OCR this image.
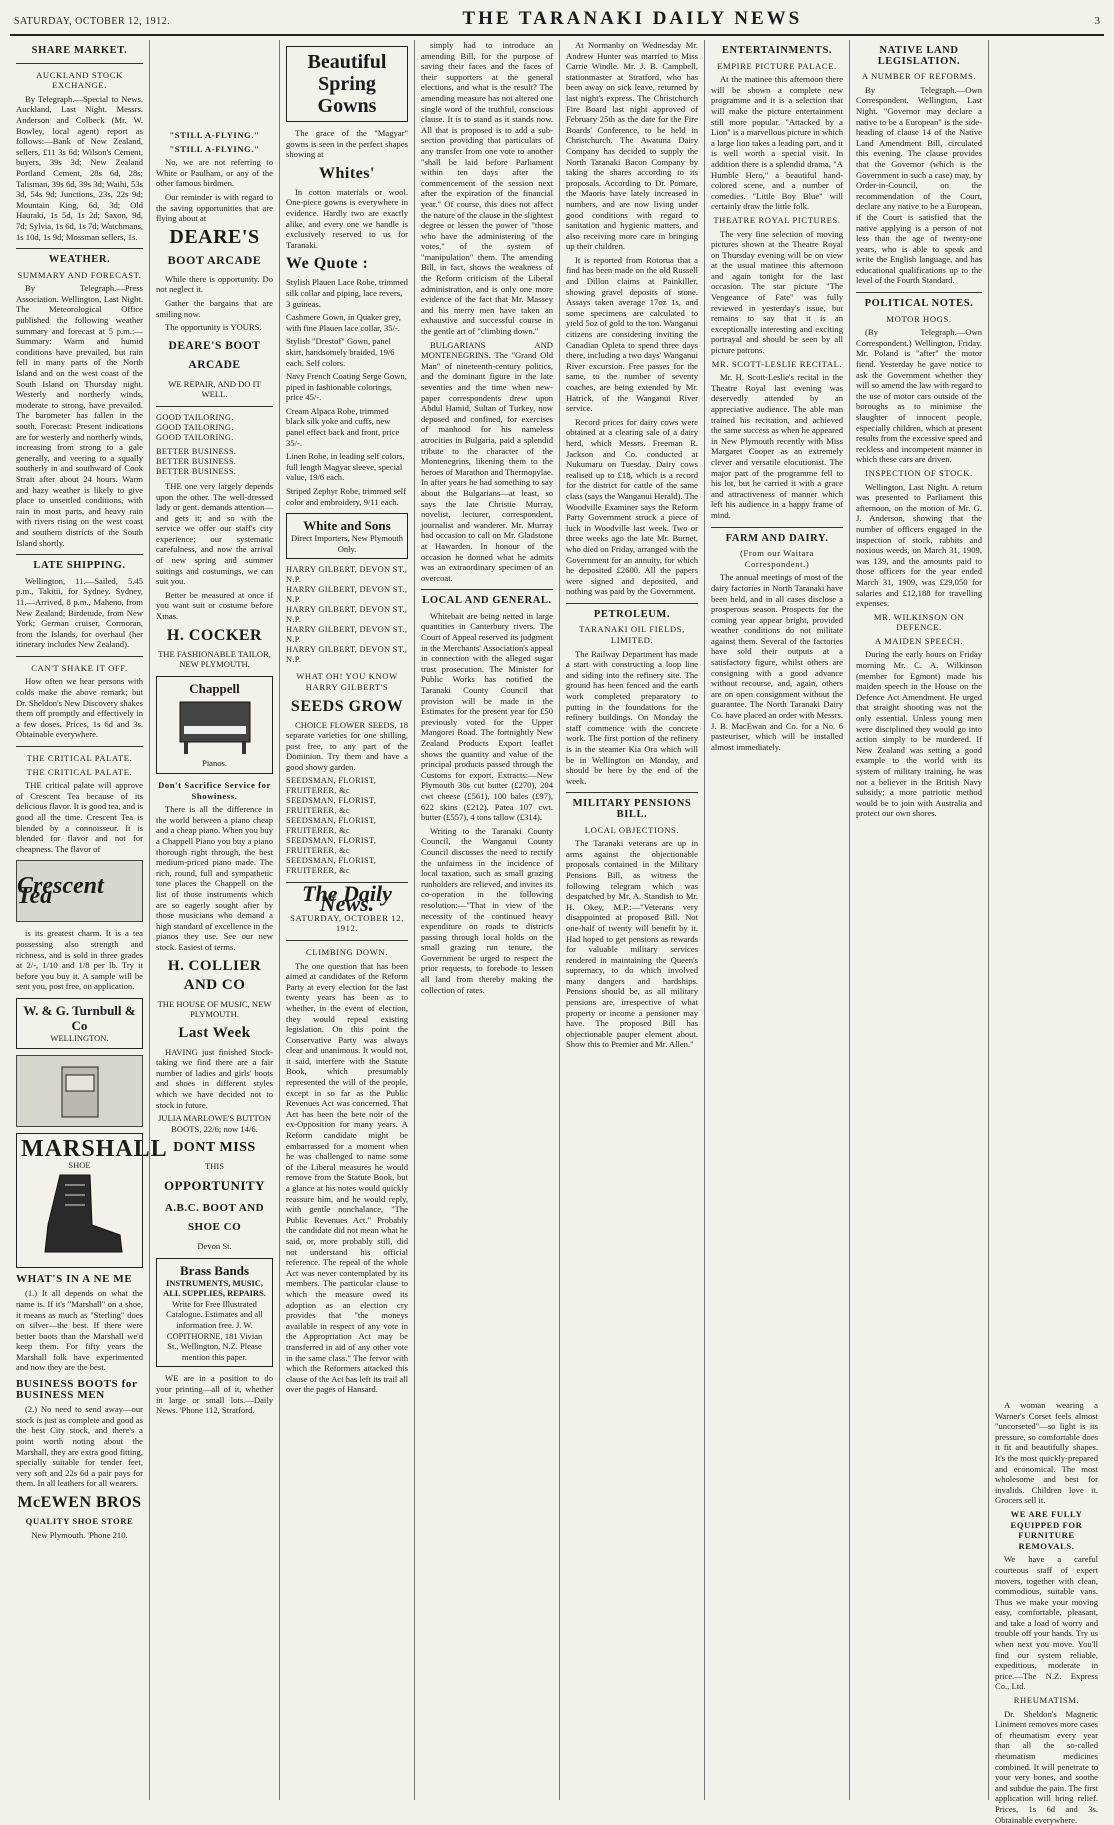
SATURDAY, OCTOBER 12, 1912.	THE TARANAKI DAILY NEWS	3
SHARE MARKET.
AUCKLAND STOCK EXCHANGE.

By Telegraph.—Special to News. Auckland, Last Night. Messrs. Anderson and Colbeck (Mr. W. Bowley, local agent) report as follows:—Bank of New Zealand, sellers, £11 3s 6d; Wilson's Cement, buyers, 39s 3d; New Zealand Portland Cement, 28s 6d, 28s; Talisman, 39s 6d, 39s 3d; Waihi, 53s 3d, 54s 9d; Junctions, 23s, 22s 9d; Mountain King, 6d, 3d; Old Hauraki, 1s 5d, 1s 2d; Saxon, 9d, 7d; Sylvia, 1s 6d, 1s 7d; Watchmans, 1s 10d, 1s 9d; Mossman sellers, 1s.

WEATHER.
SUMMARY AND FORECAST.

By Telegraph.—Press Association. Wellington, Last Night. The Meteorological Office published the following weather summary and forecast at 5 p.m.:—Summary: Warm and humid conditions have prevailed, but rain fell in many parts of the North Island and on the west coast of the South Island on Thursday night. Westerly and northerly winds, moderate to strong, have prevailed. The barometer has fallen in the south. Forecast: Present indications are for westerly and northerly winds, increasing from strong to a gale generally, and veering to a squally southerly in and southward of Cook Strait after about 24 hours. Warm and hazy weather is likely to give place to unsettled conditions, with rain in most parts, and heavy rain with rivers rising on the west coast and southern districts of the South Island shortly.

LATE SHIPPING.

Wellington, 11.—Sailed, 5.45 p.m., Takitii, for Sydney. Sydney, 11.—Arrived, 8 p.m., Maheno, from New Zealand; Birdetude, from New York; German cruiser, Cormoran, from the Islands, for overhaul (her itinerary includes New Zealand).

CAN'T SHAKE IT OFF.

How often we hear persons with colds make the above remark; but Dr. Sheldon's New Discovery shakes them off promptly and effectively in a few doses. Prices, 1s 6d and 3s. Obtainable everywhere.

THE CRITICAL PALATE.
THE CRITICAL PALATE.

THE critical palate will approve of Crescent Tea because of its delicious flavor. It is good tea, and is good all the time. Crescent Tea is blended by a connoisseur. It is blended for flavor and not for cheapness. The flavor of

Crescent Tea

is its greatest charm. It is a tea possessing also strength and richness, and is sold in three grades at 2/-, 1/10 and 1/8 per lb. Try it before you buy it. A sample will be sent you, post free, on application.

W. & G. Turnbull & Co
WELLINGTON.
MARSHALL
SHOE
WHAT'S IN A NE ME

(1.) It all depends on what the name is. If it's "Marshall" on a shoe, it means as much as "Sterling" does on silver—the best. If there were better boots than the Marshall we'd keep them. For fifty years the Marshall folk have experimented and now they are the best.

BUSINESS BOOTS for BUSINESS MEN

(2.) No need to send away—our stock is just as complete and good as the best City stock, and there's a point worth noting about the Marshall, they are extra good fitting, specially suitable for tender feet, very soft and 22s 6d a pair pays for them. In all leathers for all wearers.

McEWEN BROS
QUALITY SHOE STORE

New Plymouth. 'Phone 210.

"STILL A-FLYING."
"STILL A-FLYING."

No, we are not referring to White or Paulham, or any of the other famous birdmen.

Our reminder is with regard to the saving opportunities that are flying about at

DEARE'S
BOOT ARCADE

While there is opportunity. Do not neglect it.

Gather the bargains that are smiling now.

The opportunity is YOURS.

DEARE'S BOOT ARCADE

WE REPAIR, AND DO IT WELL.

GOOD TAILORING.
GOOD TAILORING.
GOOD TAILORING.
BETTER BUSINESS.
BETTER BUSINESS.
BETTER BUSINESS.

THE one very largely depends upon the other. The well-dressed lady or gent. demands attention—and gets it; and so with the service we offer our staff's city experience; our systematic carefulness, and now the arrival of new spring and summer suitings and costumings, we can suit you.

Better be measured at once if you want suit or costume before Xmas.

H. COCKER

THE FASHIONABLE TAILOR, NEW PLYMOUTH.

Chappell
Pianos.
Don't Sacrifice Service for Showiness.

There is all the difference in the world between a piano cheap and a cheap piano. When you buy a Chappell Piano you buy a piano thorough right through, the best medium-priced piano made. The rich, round, full and sympathetic tone places the Chappell on the list of those instruments which are so eagerly sought after by those musicians who demand a high standard of excellence in the pianos they use. See our new stock. Easiest of terms.

H. COLLIER AND CO

THE HOUSE OF MUSIC, NEW PLYMOUTH.

Last Week

HAVING just finished Stock-taking we find there are a fair number of ladies and girls' boots and shoes in different styles which we have decided not to stock in future.

JULIA MARLOWE'S BUTTON BOOTS, 22/6; now 14/6.

DONT MISS

THIS

OPPORTUNITY
A.B.C. BOOT AND SHOE CO

Devon St.

Brass Bands
INSTRUMENTS, MUSIC, ALL SUPPLIES, REPAIRS.
Write for Free Illustrated Catalogue. Estimates and all information free. J. W. COPITHORNE, 181 Vivian St., Wellington, N.Z. Please mention this paper.

WE are in a position to do your printing—all of it, whether in large or small lots.—Daily News. 'Phone 112, Stratford.

Beautiful
Spring
Gowns

The grace of the "Magyar" gowns is seen in the perfect shapes showing at

Whites'

In cotton materials or wool. One-piece gowns is everywhere in evidence. Hardly two are exactly alike, and every one we handle is exclusively reserved to us for Taranaki.

We Quote :

Stylish Plauen Lace Robe, trimmed silk collar and piping, lace revers, 3 guineas.

Cashmere Gown, in Quaker grey, with fine Plauen lace collar, 35/-.

Stylish "Drestof" Gown, panel skirt, handsomely braided, 19/6 each. Self colors.

Navy French Coating Serge Gown, piped in fashionable colorings, price 45/-.

Cream Alpaca Robe, trimmed black silk yoke and cuffs, new panel effect back and front, price 35/-.

Linen Robe, in leading self colors, full length Magyar sleeve, special value, 19/6 each.

Striped Zephyr Robe, trimmed self color and embroidery, 9/11 each.

White and Sons
Direct Importers, New Plymouth Only.
HARRY GILBERT, DEVON ST., N.P.
HARRY GILBERT, DEVON ST., N.P.
HARRY GILBERT, DEVON ST., N.P.
HARRY GILBERT, DEVON ST., N.P.
HARRY GILBERT, DEVON ST., N.P.
WHAT OH! YOU KNOW HARRY GILBERT'S
SEEDS GROW

CHOICE FLOWER SEEDS, 18 separate varieties for one shilling, post free, to any part of the Dominion. Try them and have a good showy garden.

SEEDSMAN, FLORIST, FRUITERER, &c
SEEDSMAN, FLORIST, FRUITERER, &c
SEEDSMAN, FLORIST, FRUITERER, &c
SEEDSMAN, FLORIST, FRUITERER, &c
SEEDSMAN, FLORIST, FRUITERER, &c
The Daily News.
SATURDAY, OCTOBER 12, 1912.
CLIMBING DOWN.

The one question that has been aimed at candidates of the Reform Party at every election for the last twenty years has been as to whether, in the event of election, they would repeal existing legislation. On this point the Conservative Party was always clear and unanimous. It would not, it said, interfere with the Statute Book, which presumably represented the will of the people, except in so far as the Public Revenues Act was concerned. That Act has been the bete noir of the ex-Opposition for many years. A Reform candidate might be embarrassed for a moment when he was challenged to name some of the Liberal measures he would remove from the Statute Book, but a glance at his notes would quickly reassure him, and he would reply, with gentle nonchalance, "The Public Revenues Act." Probably the candidate did not mean what he said, or, more probably still, did not understand his official reference. The repeal of the whole Act was never contemplated by its members. The particular clause to which the measure owed its adoption as an election cry provides that "the moneys available in respect of any vote in the Appropriation Act may be transferred in aid of any other vote in the same class." The fervor with which the Reformers attacked this clause of the Act has left its trail all over the pages of Hansard.

simply had to introduce an amending Bill, for the purpose of saving their faces and the faces of their supporters at the general elections, and what is the result? The amending measure has not altered one single word of the truthful, conscious clause. It is to stand as it stands now. All that is proposed is to add a sub-section providing that particulars of any transfer from one vote to another "shall be laid before Parliament within ten days after the commencement of the session next after the expiration of the financial year." Of course, this does not affect the nature of the clause in the slightest degree or lessen the power of "those who have the administering of the votes," of the system of "manipulation" them. The amending Bill, in fact, shows the weakness of the Reform criticism of the Liberal administration, and is only one more evidence of the fact that Mr. Massey and his merry men have taken an exhaustive and successful course in the gentle art of "climbing down."

BULGARIANS AND MONTENEGRINS. The "Grand Old Man" of nineteenth-century politics, and the dominant figure in the late seventies and the time when new-paper correspondents drew upon Abdul Hamid, Sultan of Turkey, now deposed and confined, for exercises of manhood for his nameless atrocities in Bulgaria, paid a splendid tribute to the character of the Montenegrins, likening them to the heroes of Marathon and Thermopylae. In after years he had something to say about the Bulgarians—at least, so says the late Christie Murray, novelist, lecturer, correspondent, journalist and wanderer. Mr. Murray had occasion to call on Mr. Gladstone at Hawarden. In honour of the occasion he donned what he admits was an extraordinary specimen of an overcoat.

LOCAL AND GENERAL.

Whitebait are being netted in large quantities in Canterbury rivers. The Court of Appeal reserved its judgment in the Merchants' Association's appeal in connection with the alleged sugar trust prosecution. The Minister for Public Works has notified the Taranaki County Council that provision will be made in the Estimates for the present year for £50 previously voted for the Upper Mangorei Road. The fortnightly New Zealand Products Export leaflet shows the quantity and value of the principal products passed through the Customs for export. Extracts:—New Plymouth 30s cut butter (£270), 204 cwt cheese (£561), 100 bales (£97), 622 skins (£212). Patea 107 cwt. butter (£557), 4 tons tallow (£314).

Writing to the Taranaki County Council, the Wanganui County Council discusses the need to rectify the unfairness in the incidence of local taxation, such as small grazing runholders are relieved, and invites its co-operation in the following resolution:—"That in view of the necessity of the continued heavy expenditure on roads to districts passing through local holds on the small grazing run tenure, the Government be urged to respect the prior requests, to forebode to lessen all land from thereby making the collection of rates.

At Normanby on Wednesday Mr. Andrew Hunter was married to Miss Carrie Windle. Mr. J. B. Campbell, stationmaster at Stratford, who has been away on sick leave, returned by last night's express. The Christchurch Fire Board last night approved of February 25th as the date for the Fire Boards' Conference, to be held in Christchurch. The Awatuna Dairy Company has decided to supply the North Taranaki Bacon Company by taking the shares according to its proposals. According to Dr. Pomare, the Maoris have lately increased in numbers, and are now living under good conditions with regard to sanitation and hygienic matters, and also receiving more care in bringing up their children.

It is reported from Rotorua that a find has been made on the old Russell and Dillon claims at Painkiller, showing gravel deposits of stone. Assays taken average 17oz 1s, and some specimens are calculated to yield 5oz of gold to the ton. Wanganui citizens are considering inviting the Canadian Opleta to spend three days there, including a two days' Wanganui River excursion. Free passes for the same, to the number of seventy coaches, are being extended by Mr. Hatrick, of the Wanganui River service.

Record prices for dairy cows were obtained at a clearing sale of a dairy herd, which Messrs. Freeman R. Jackson and Co. conducted at Nukumaru on Tuesday. Dairy cows realised up to £18, which is a record for the district for cattle of the same class (says the Wanganui Herald). The Woodville Examiner says the Reform Party Government struck a piece of luck in Woodville last week. Two or three weeks ago the late Mr. Burnet, who died on Friday, arranged with the Government for an annuity, for which he deposited £2600. All the papers were signed and deposited, and nothing was paid by the Government.

PETROLEUM.
TARANAKI OIL FIELDS, LIMITED.

The Railway Department has made a start with constructing a loop line and siding into the refinery site. The ground has been fenced and the earth work completed preparatory to putting in the foundations for the refinery buildings. On Monday the staff commence with the concrete work. The first portion of the refinery is in the steamer Kia Ora which will be in Wellington on Monday, and should be here by the end of the week.

MILITARY PENSIONS BILL.
LOCAL OBJECTIONS.

The Taranaki veterans are up in arms against the objectionable proposals contained in the Military Pensions Bill, as witness the following telegram which was despatched by Mr. A. Standish to Mr. H. Okey, M.P.:—"Veterans very disappointed at proposed Bill. Not one-half of twenty will benefit by it. Had hoped to get pensions as rewards for valuable military services rendered in maintaining the Queen's supremacy, to do which involved many dangers and hardships. Pensions should be, as all military pensions are, irrespective of what property or income a pensioner may have. The proposed Bill has objectionable pauper element about. Show this to Premier and Mr. Allen."

ENTERTAINMENTS.
EMPIRE PICTURE PALACE.

At the matinee this afternoon there will be shown a complete new programme and it is a selection that will make the picture entertainment still more popular. "Attacked by a Lion" is a marvellous picture in which a large lion takes a leading part, and it is well worth a special visit. In addition there is a splendid drama, "A Humble Hero," a beautiful hand-colored scene, and a number of comedies. "Little Boy Blue" will certainly draw the little folk.

THEATRE ROYAL PICTURES.

The very fine selection of moving pictures shown at the Theatre Royal on Thursday evening will be on view at the usual matinee this afternoon and again tonight for the last occasion. The star picture "The Vengeance of Fate" was fully reviewed in yesterday's issue, but remains to say that it is an exceptionally interesting and exciting portrayal and should be seen by all picture patrons.

MR. SCOTT-LESLIE RECITAL.

Mr. H. Scott-Leslie's recital in the Theatre Royal last evening was deservedly attended by an appreciative audience. The able man trained his recitation, and achieved the same success as when he appeared in New Plymouth recently with Miss Margaret Cooper as an extremely clever and versatile elocutionist. The major part of the programme fell to his lot, but he carried it with a grace and attractiveness of manner which left his audience in a happy frame of mind.

FARM AND DAIRY.
(From our Waitara Correspondent.)

The annual meetings of most of the dairy factories in North Taranaki have been held, and in all cases disclose a prosperous season. Prospects for the coming year appear bright, provided weather conditions do not militate against them. Several of the factories have sold their outputs at a satisfactory figure, whilst others are consigning with a good advance without recourse, and, again, others are on open consignment without the guarantee. The North Taranaki Dairy Co. have placed an order with Messrs. J. B. MacEwan and Co. for a No. 6 pasteuriser, which will be installed almost immediately.

NATIVE LAND LEGISLATION.
A NUMBER OF REFORMS.

By Telegraph.—Own Correspondent. Wellington, Last Night. "Governor may declare a native to be a European" is the side-heading of clause 14 of the Native Land Amendment Bill, circulated this evening. The clause provides that the Governor (which is the Government in such a case) may, by Order-in-Council, on the recommendation of the Court, declare any native to be a European, if the Court is satisfied that the native applying is a person of not less than the age of twenty-one years, who is able to speak and write the English language, and has educational qualifications up to the level of the Fourth Standard.

POLITICAL NOTES.
MOTOR HOGS.

(By Telegraph.—Own Correspondent.) Wellington, Friday. Mr. Poland is "after" the motor fiend. Yesterday he gave notice to ask the Government whether they will so amend the law with regard to the use of motor cars outside of the boroughs as to minimise the slaughter of innocent people, especially children, which at present results from the excessive speed and reckless and incompetent manner in which these cars are driven.

INSPECTION OF STOCK.

Wellington, Last Night. A return was presented to Parliament this afternoon, on the motion of Mr. G. J. Anderson, showing that the number of officers engaged in the inspection of stock, rabbits and noxious weeds, on March 31, 1909, was 139, and the amounts paid to those officers for the year ended March 31, 1909, was £29,050 for salaries and £12,188 for travelling expenses.

MR. WILKINSON ON DEFENCE.
A MAIDEN SPEECH.

During the early hours on Friday morning Mr. C. A. Wilkinson (member for Egmont) made his maiden speech in the House on the Defence Act Amendment. He urged that straight shooting was not the only essential. Unless young men were disciplined they would go into action simply to be murdered. If New Zealand was setting a good example to the world with its system of military training, he was not a believer in the British Navy subsidy; a more patriotic method would be to join with Australia and protect our own shores.

A woman wearing a Warner's Corset feels almost "uncorseted"—so light is its pressure, so comfortable does it fit and beautifully shapes. It's the most quickly-prepared and economical. The most wholesome and best for invalids. Children love it. Grocers sell it.

WE ARE FULLY EQUIPPED FOR FURNITURE REMOVALS.

We have a careful courteous staff of expert movers, together with clean, commodious, suitable vans. Thus we make your moving easy, comfortable, pleasant, and take a load of worry and trouble off your hands. Try us when next you move. You'll find our system reliable, expeditious, moderate in price.—The N.Z. Express Co., Ltd.

RHEUMATISM.

Dr. Sheldon's Magnetic Liniment removes more cases of rheumatism every year than all the so-called rheumatism medicines combined. It will penetrate to your very bones, and soothe and subdue the pain. The first application will bring relief. Prices, 1s 6d and 3s. Obtainable everywhere.
